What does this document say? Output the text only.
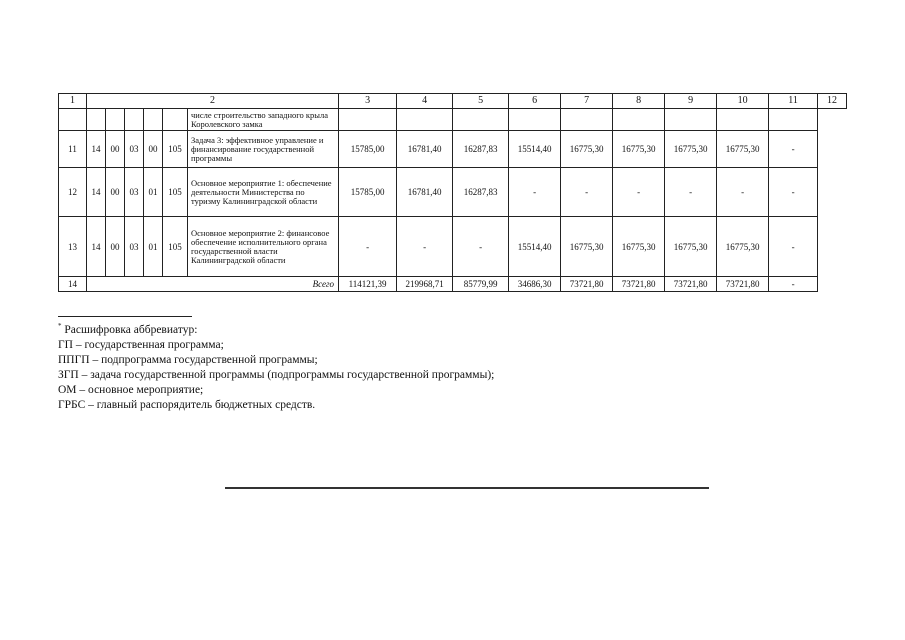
1	2						3	4	5	6	7	8	9	10	11	12
						числе строительство западного крыла Королевского замка										
11	14	00	03	00	105	Задача 3: эффективное управление и финансирование государственной программы	15785,00	16781,40	16287,83	15514,40	16775,30	16775,30	16775,30	16775,30	-	
12	14	00	03	01	105	Основное мероприятие 1: обеспечение деятельности Министерства по туризму Калининградской области	15785,00	16781,40	16287,83	-	-	-	-	-	-	
13	14	00	03	01	105	Основное мероприятие 2: финансовое обеспечение исполнительного органа государственной власти Калининградской области	-	-	-	15514,40	16775,30	16775,30	16775,30	16775,30	-	
14	Всего						114121,39	219968,71	85779,99	34686,30	73721,80	73721,80	73721,80	73721,80	-	
* Расшифровка аббревиатур:
ГП – государственная программа;
ППГП – подпрограмма государственной программы;
ЗГП – задача государственной программы (подпрограммы государственной программы);
ОМ – основное мероприятие;
ГРБС – главный распорядитель бюджетных средств.
